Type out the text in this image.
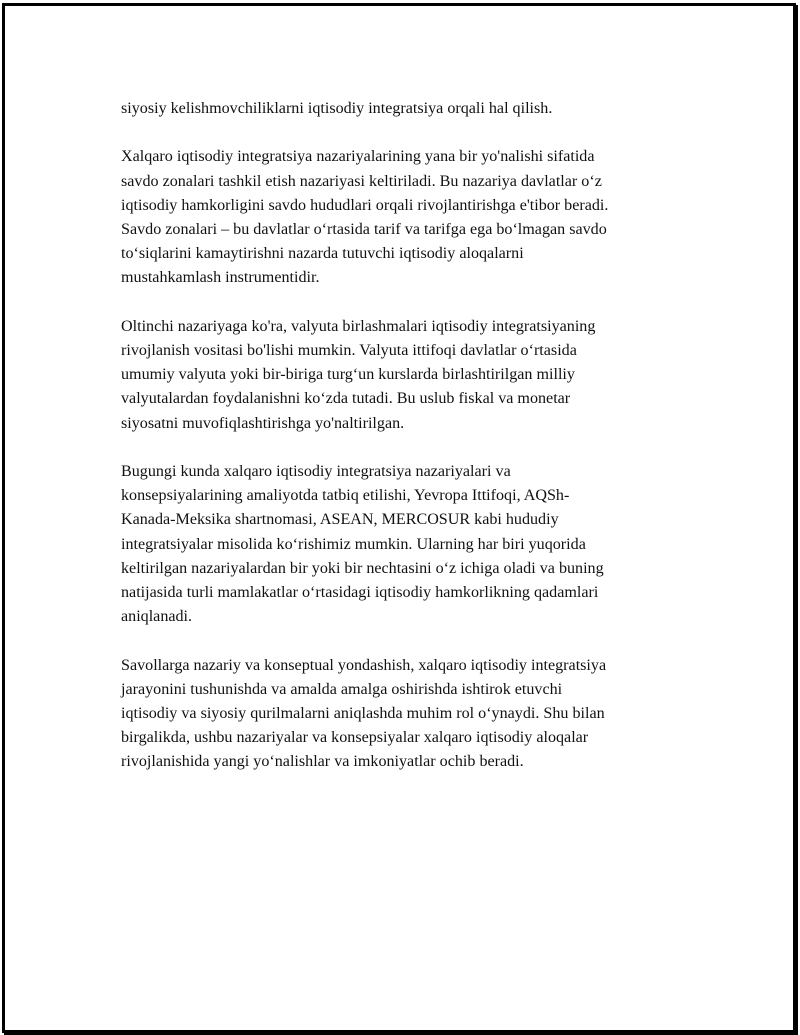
siyosiy kelishmovchiliklarni iqtisodiy integratsiya orqali hal qilish.

Xalqaro iqtisodiy integratsiya nazariyalarining yana bir yo'nalishi sifatida
savdo zonalari tashkil etish nazariyasi keltiriladi. Bu nazariya davlatlar o‘z
iqtisodiy hamkorligini savdo hududlari orqali rivojlantirishga e'tibor beradi.
Savdo zonalari – bu davlatlar o‘rtasida tarif va tarifga ega bo‘lmagan savdo
to‘siqlarini kamaytirishni nazarda tutuvchi iqtisodiy aloqalarni
mustahkamlash instrumentidir.

Oltinchi nazariyaga ko'ra, valyuta birlashmalari iqtisodiy integratsiyaning
rivojlanish vositasi bo'lishi mumkin. Valyuta ittifoqi davlatlar o‘rtasida
umumiy valyuta yoki bir-biriga turg‘un kurslarda birlashtirilgan milliy
valyutalardan foydalanishni ko‘zda tutadi. Bu uslub fiskal va monetar
siyosatni muvofiqlashtirishga yo'naltirilgan.

Bugungi kunda xalqaro iqtisodiy integratsiya nazariyalari va
konsepsiyalarining amaliyotda tatbiq etilishi, Yevropa Ittifoqi, AQSh-
Kanada-Meksika shartnomasi, ASEAN, MERCOSUR kabi hududiy
integratsiyalar misolida ko‘rishimiz mumkin. Ularning har biri yuqorida
keltirilgan nazariyalardan bir yoki bir nechtasini o‘z ichiga oladi va buning
natijasida turli mamlakatlar o‘rtasidagi iqtisodiy hamkorlikning qadamlari
aniqlanadi.

Savollarga nazariy va konseptual yondashish, xalqaro iqtisodiy integratsiya
jarayonini tushunishda va amalda amalga oshirishda ishtirok etuvchi
iqtisodiy va siyosiy qurilmalarni aniqlashda muhim rol o‘ynaydi. Shu bilan
birgalikda, ushbu nazariyalar va konsepsiyalar xalqaro iqtisodiy aloqalar
rivojlanishida yangi yo‘nalishlar va imkoniyatlar ochib beradi.
